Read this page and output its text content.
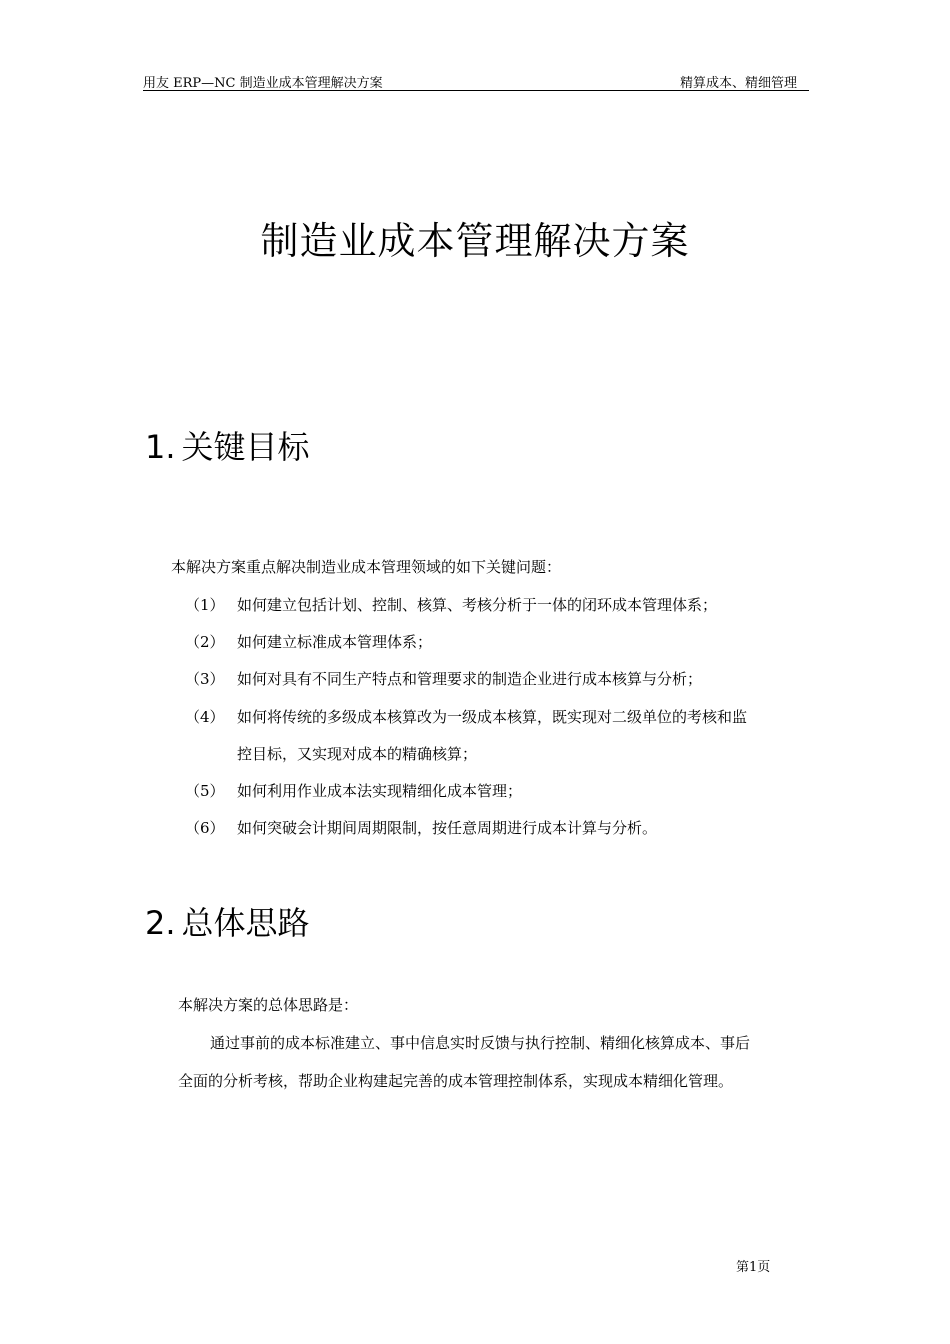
用友 ERP—NC 制造业成本管理解决方案	精算成本、精细管理
制造业成本管理解决方案
1. 关键目标
本解决方案重点解决制造业成本管理领域的如下关键问题：
（1） 如何建立包括计划、控制、核算、考核分析于一体的闭环成本管理体系；
（2） 如何建立标准成本管理体系；
（3） 如何对具有不同生产特点和管理要求的制造企业进行成本核算与分析；
（4） 如何将传统的多级成本核算改为一级成本核算，既实现对二级单位的考核和监
控目标，又实现对成本的精确核算；
（5） 如何利用作业成本法实现精细化成本管理；
（6） 如何突破会计期间周期限制，按任意周期进行成本计算与分析。
2. 总体思路
本解决方案的总体思路是：
通过事前的成本标准建立、事中信息实时反馈与执行控制、精细化核算成本、事后
全面的分析考核，帮助企业构建起完善的成本管理控制体系，实现成本精细化管理。
第1页
